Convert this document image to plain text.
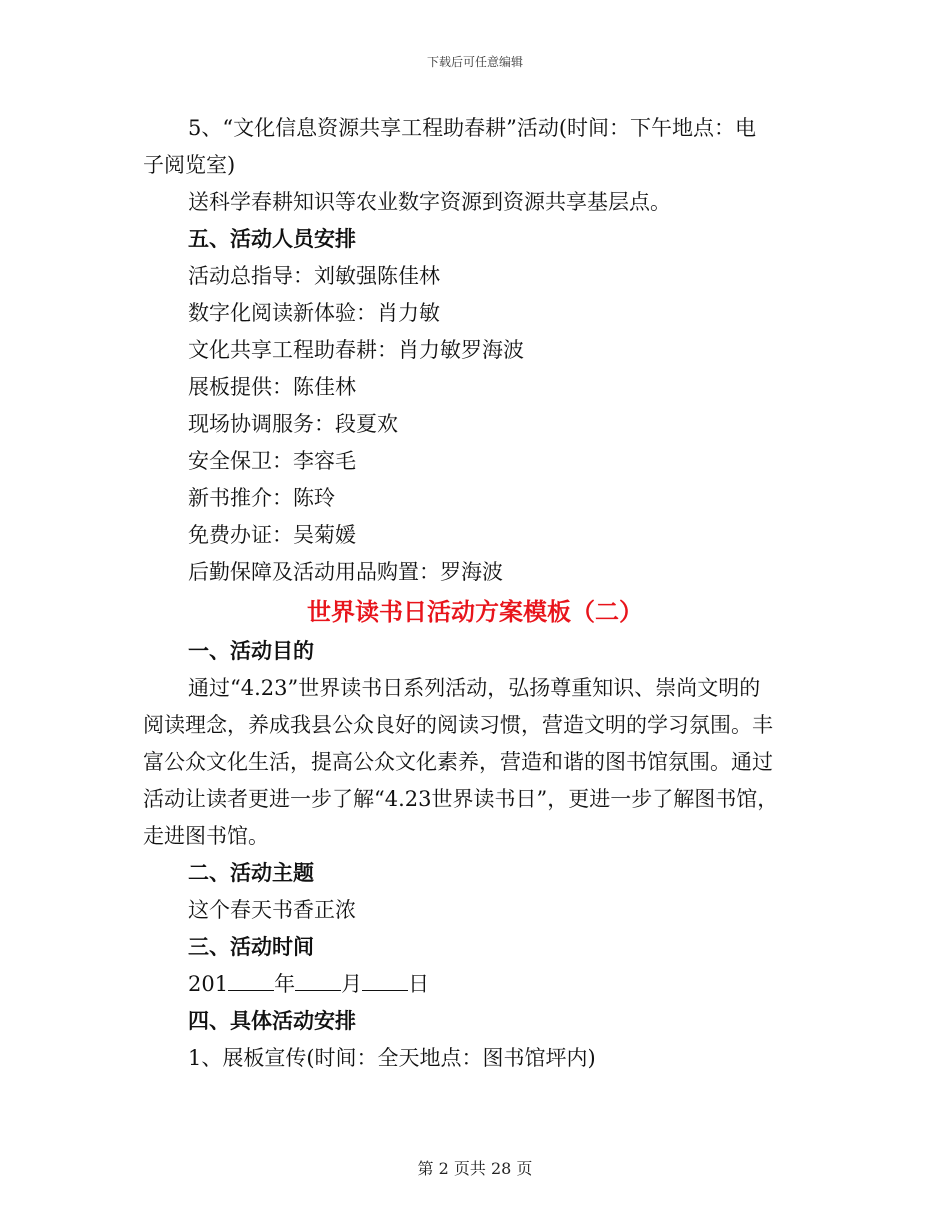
下载后可任意编辑
5、“文化信息资源共享工程助春耕”活动(时间：下午地点：电
子阅览室)
送科学春耕知识等农业数字资源到资源共享基层点。
五、活动人员安排
活动总指导：刘敏强陈佳林
数字化阅读新体验：肖力敏
文化共享工程助春耕：肖力敏罗海波
展板提供：陈佳林
现场协调服务：段夏欢
安全保卫：李容毛
新书推介：陈玲
免费办证：吴菊媛
后勤保障及活动用品购置：罗海波
世界读书日活动方案模板（二）
一、活动目的
通过“4.23”世界读书日系列活动，弘扬尊重知识、崇尚文明的
阅读理念，养成我县公众良好的阅读习惯，营造文明的学习氛围。丰
富公众文化生活，提高公众文化素养，营造和谐的图书馆氛围。通过
活动让读者更进一步了解“4.23世界读书日”，更进一步了解图书馆，
走进图书馆。
二、活动主题
这个春天书香正浓
三、活动时间
201 年 月 日
四、具体活动安排
1、展板宣传(时间：全天地点：图书馆坪内)
第 2 页共 28 页
